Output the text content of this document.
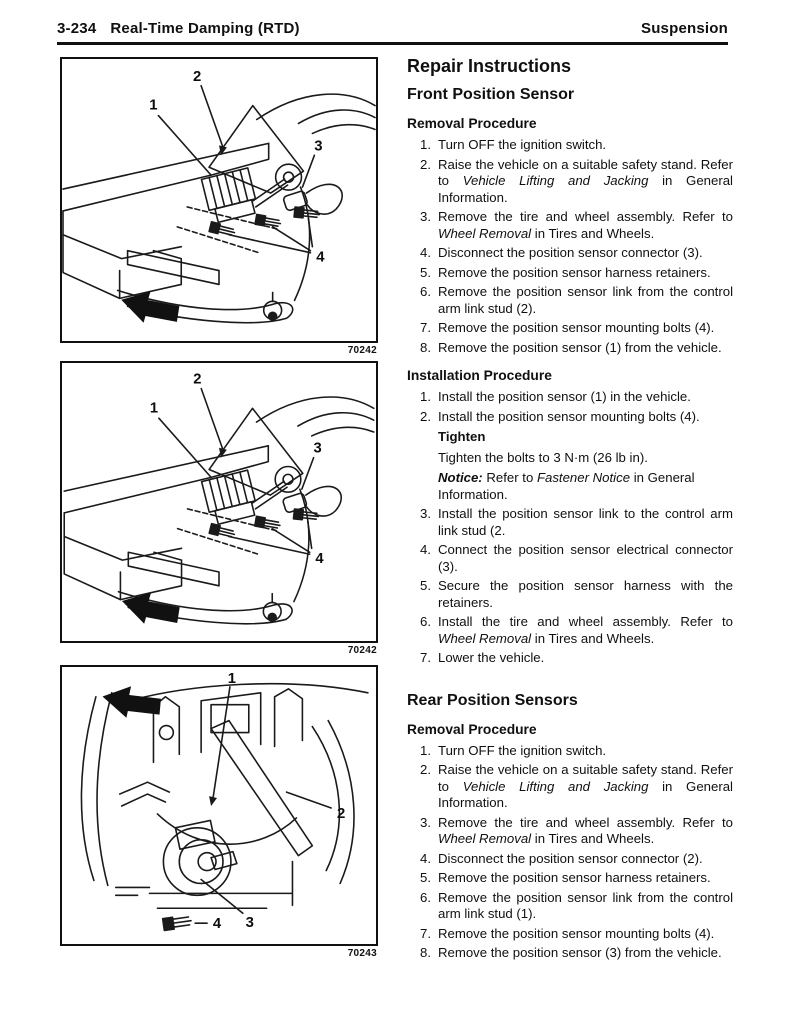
3-234 Real-Time Damping (RTD)	Suspension
1
2
3
4
70242
70242
1
2
3
4
70243
Repair Instructions
Front Position Sensor
Removal Procedure
1. Turn OFF the ignition switch.
2. Raise the vehicle on a suitable safety stand. Refer to Vehicle Lifting and Jacking in General Information.
3. Remove the tire and wheel assembly. Refer to Wheel Removal in Tires and Wheels.
4. Disconnect the position sensor connector (3).
5. Remove the position sensor harness retainers.
6. Remove the position sensor link from the control arm link stud (2).
7. Remove the position sensor mounting bolts (4).
8. Remove the position sensor (1) from the vehicle.
Installation Procedure
1. Install the position sensor (1) in the vehicle.
2. Install the position sensor mounting bolts (4).
Tighten
Tighten the bolts to 3 N·m (26 lb in).
Notice: Refer to Fastener Notice in General Information.
3. Install the position sensor link to the control arm link stud (2.
4. Connect the position sensor electrical connector (3).
5. Secure the position sensor harness with the retainers.
6. Install the tire and wheel assembly. Refer to Wheel Removal in Tires and Wheels.
7. Lower the vehicle.
Rear Position Sensors
Removal Procedure
1. Turn OFF the ignition switch.
2. Raise the vehicle on a suitable safety stand. Refer to Vehicle Lifting and Jacking in General Information.
3. Remove the tire and wheel assembly. Refer to Wheel Removal in Tires and Wheels.
4. Disconnect the position sensor connector (2).
5. Remove the position sensor harness retainers.
6. Remove the position sensor link from the control arm link stud (1).
7. Remove the position sensor mounting bolts (4).
8. Remove the position sensor (3) from the vehicle.
